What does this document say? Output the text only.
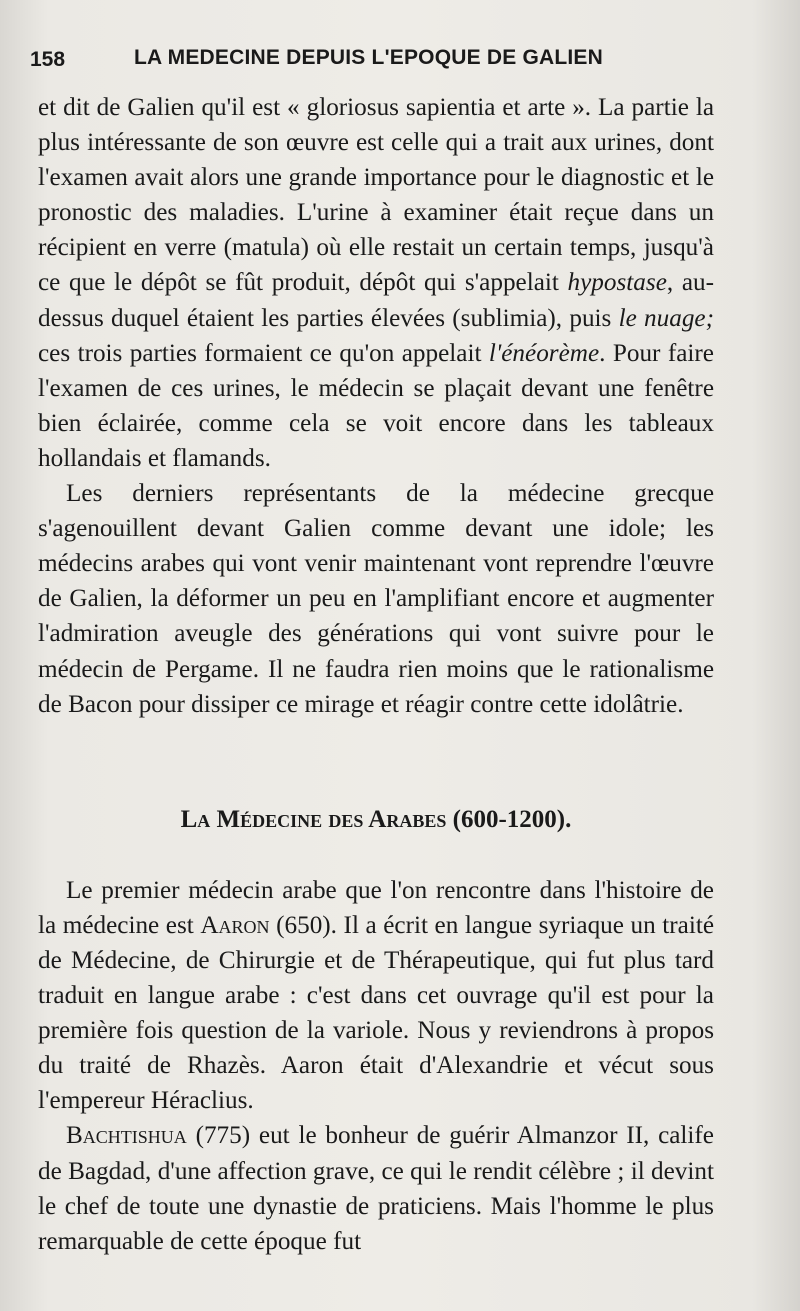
158	LA MEDECINE DEPUIS L'EPOQUE DE GALIEN

et dit de Galien qu'il est « gloriosus sapientia et arte ». La partie la plus intéressante de son œuvre est celle qui a trait aux urines, dont l'examen avait alors une grande importance pour le diagnostic et le pronostic des maladies. L'urine à examiner était reçue dans un récipient en verre (matula) où elle restait un certain temps, jusqu'à ce que le dépôt se fût produit, dépôt qui s'appelait hypostase, au-dessus duquel étaient les parties élevées (sublimia), puis le nuage; ces trois parties formaient ce qu'on appelait l'énéorème. Pour faire l'examen de ces urines, le médecin se plaçait devant une fenêtre bien éclairée, comme cela se voit encore dans les tableaux hollandais et flamands.

Les derniers représentants de la médecine grecque s'agenouillent devant Galien comme devant une idole; les médecins arabes qui vont venir maintenant vont reprendre l'œuvre de Galien, la déformer un peu en l'amplifiant encore et augmenter l'admiration aveugle des générations qui vont suivre pour le médecin de Pergame. Il ne faudra rien moins que le rationalisme de Bacon pour dissiper ce mirage et réagir contre cette idolâtrie.

La Médecine des Arabes (600-1200).

Le premier médecin arabe que l'on rencontre dans l'histoire de la médecine est Aaron (650). Il a écrit en langue syriaque un traité de Médecine, de Chirurgie et de Thérapeutique, qui fut plus tard traduit en langue arabe : c'est dans cet ouvrage qu'il est pour la première fois question de la variole. Nous y reviendrons à propos du traité de Rhazès. Aaron était d'Alexandrie et vécut sous l'empereur Héraclius.

Bachtishua (775) eut le bonheur de guérir Almanzor II, calife de Bagdad, d'une affection grave, ce qui le rendit célèbre ; il devint le chef de toute une dynastie de praticiens. Mais l'homme le plus remarquable de cette époque fut
